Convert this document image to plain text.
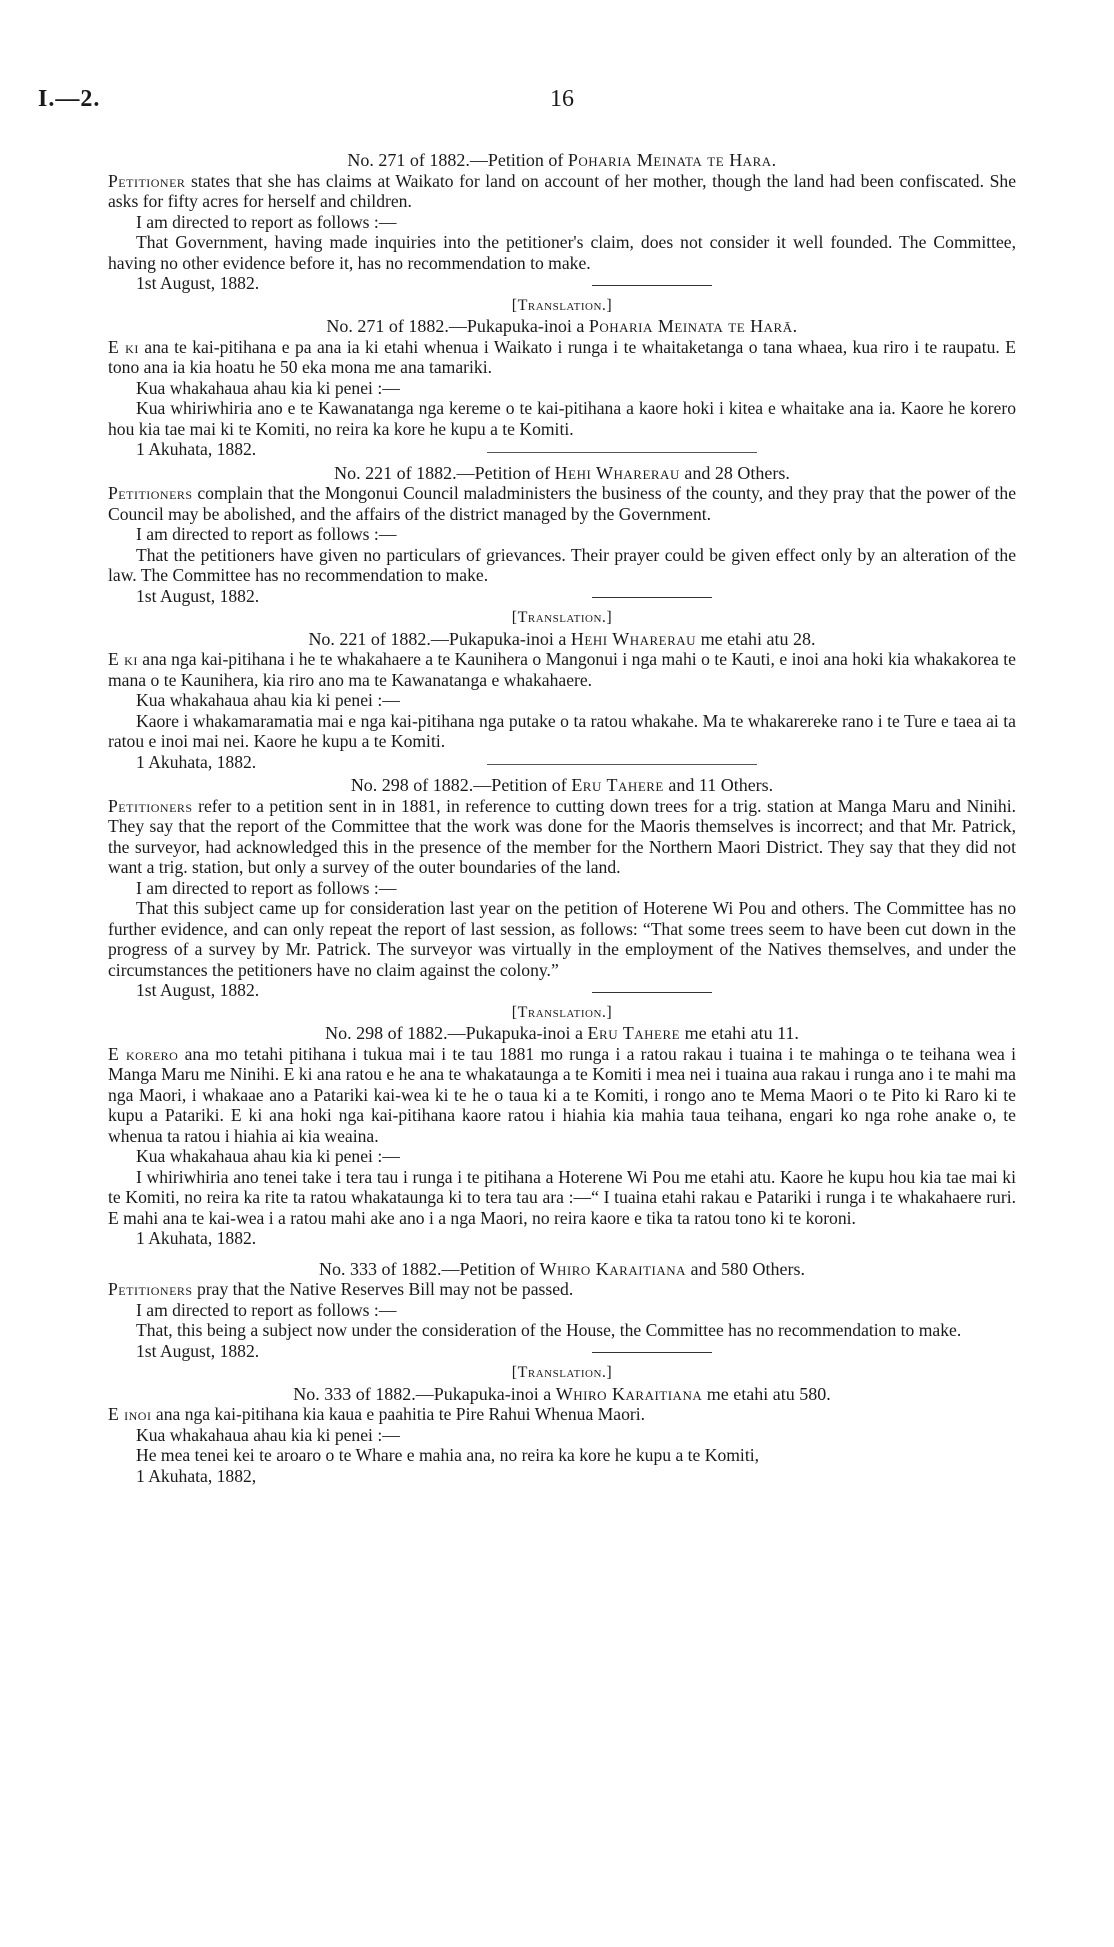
I.—2.	16

No. 271 of 1882.—Petition of Poharia Meinata te Hara.

Petitioner states that she has claims at Waikato for land on account of her mother, though the land had been confiscated. She asks for fifty acres for herself and children.

I am directed to report as follows :—

That Government, having made inquiries into the petitioner's claim, does not consider it well founded. The Committee, having no other evidence before it, has no recommendation to make.

1st August, 1882.

[Translation.]

No. 271 of 1882.—Pukapuka-inoi a Poharia Meinata te Harā.

E ki ana te kai-pitihana e pa ana ia ki etahi whenua i Waikato i runga i te whaitaketanga o tana whaea, kua riro i te raupatu. E tono ana ia kia hoatu he 50 eka mona me ana tamariki.

Kua whakahaua ahau kia ki penei :—

Kua whiriwhiria ano e te Kawanatanga nga kereme o te kai-pitihana a kaore hoki i kitea e whaitake ana ia. Kaore he korero hou kia tae mai ki te Komiti, no reira ka kore he kupu a te Komiti.

1 Akuhata, 1882.

No. 221 of 1882.—Petition of Hehi Wharerau and 28 Others.

Petitioners complain that the Mongonui Council maladministers the business of the county, and they pray that the power of the Council may be abolished, and the affairs of the district managed by the Government.

I am directed to report as follows :—

That the petitioners have given no particulars of grievances. Their prayer could be given effect only by an alteration of the law. The Committee has no recommendation to make.

1st August, 1882.

[Translation.]

No. 221 of 1882.—Pukapuka-inoi a Hehi Wharerau me etahi atu 28.

E ki ana nga kai-pitihana i he te whakahaere a te Kaunihera o Mangonui i nga mahi o te Kauti, e inoi ana hoki kia whakakorea te mana o te Kaunihera, kia riro ano ma te Kawanatanga e whakahaere.

Kua whakahaua ahau kia ki penei :—

Kaore i whakamaramatia mai e nga kai-pitihana nga putake o ta ratou whakahe. Ma te whakarereke rano i te Ture e taea ai ta ratou e inoi mai nei. Kaore he kupu a te Komiti.

1 Akuhata, 1882.

No. 298 of 1882.—Petition of Eru Tahere and 11 Others.

Petitioners refer to a petition sent in in 1881, in reference to cutting down trees for a trig. station at Manga Maru and Ninihi. They say that the report of the Committee that the work was done for the Maoris themselves is incorrect; and that Mr. Patrick, the surveyor, had acknowledged this in the presence of the member for the Northern Maori District. They say that they did not want a trig. station, but only a survey of the outer boundaries of the land.

I am directed to report as follows :—

That this subject came up for consideration last year on the petition of Hoterene Wi Pou and others. The Committee has no further evidence, and can only repeat the report of last session, as follows: “That some trees seem to have been cut down in the progress of a survey by Mr. Patrick. The surveyor was virtually in the employment of the Natives themselves, and under the circumstances the petitioners have no claim against the colony.”

1st August, 1882.

[Translation.]

No. 298 of 1882.—Pukapuka-inoi a Eru Tahere me etahi atu 11.

E korero ana mo tetahi pitihana i tukua mai i te tau 1881 mo runga i a ratou rakau i tuaina i te mahinga o te teihana wea i Manga Maru me Ninihi. E ki ana ratou e he ana te whakataunga a te Komiti i mea nei i tuaina aua rakau i runga ano i te mahi ma nga Maori, i whakaae ano a Patariki kai-wea ki te he o taua ki a te Komiti, i rongo ano te Mema Maori o te Pito ki Raro ki te kupu a Patariki. E ki ana hoki nga kai-pitihana kaore ratou i hiahia kia mahia taua teihana, engari ko nga rohe anake o, te whenua ta ratou i hiahia ai kia weaina.

Kua whakahaua ahau kia ki penei :—

I whiriwhiria ano tenei take i tera tau i runga i te pitihana a Hoterene Wi Pou me etahi atu. Kaore he kupu hou kia tae mai ki te Komiti, no reira ka rite ta ratou whakataunga ki to tera tau ara :—“ I tuaina etahi rakau e Patariki i runga i te whakahaere ruri. E mahi ana te kai-wea i a ratou mahi ake ano i a nga Maori, no reira kaore e tika ta ratou tono ki te koroni.

1 Akuhata, 1882.

No. 333 of 1882.—Petition of Whiro Karaitiana and 580 Others.

Petitioners pray that the Native Reserves Bill may not be passed.

I am directed to report as follows :—

That, this being a subject now under the consideration of the House, the Committee has no recommendation to make.

1st August, 1882.

[Translation.]

No. 333 of 1882.—Pukapuka-inoi a Whiro Karaitiana me etahi atu 580.

E inoi ana nga kai-pitihana kia kaua e paahitia te Pire Rahui Whenua Maori.

Kua whakahaua ahau kia ki penei :—

He mea tenei kei te aroaro o te Whare e mahia ana, no reira ka kore he kupu a te Komiti,

1 Akuhata, 1882,
